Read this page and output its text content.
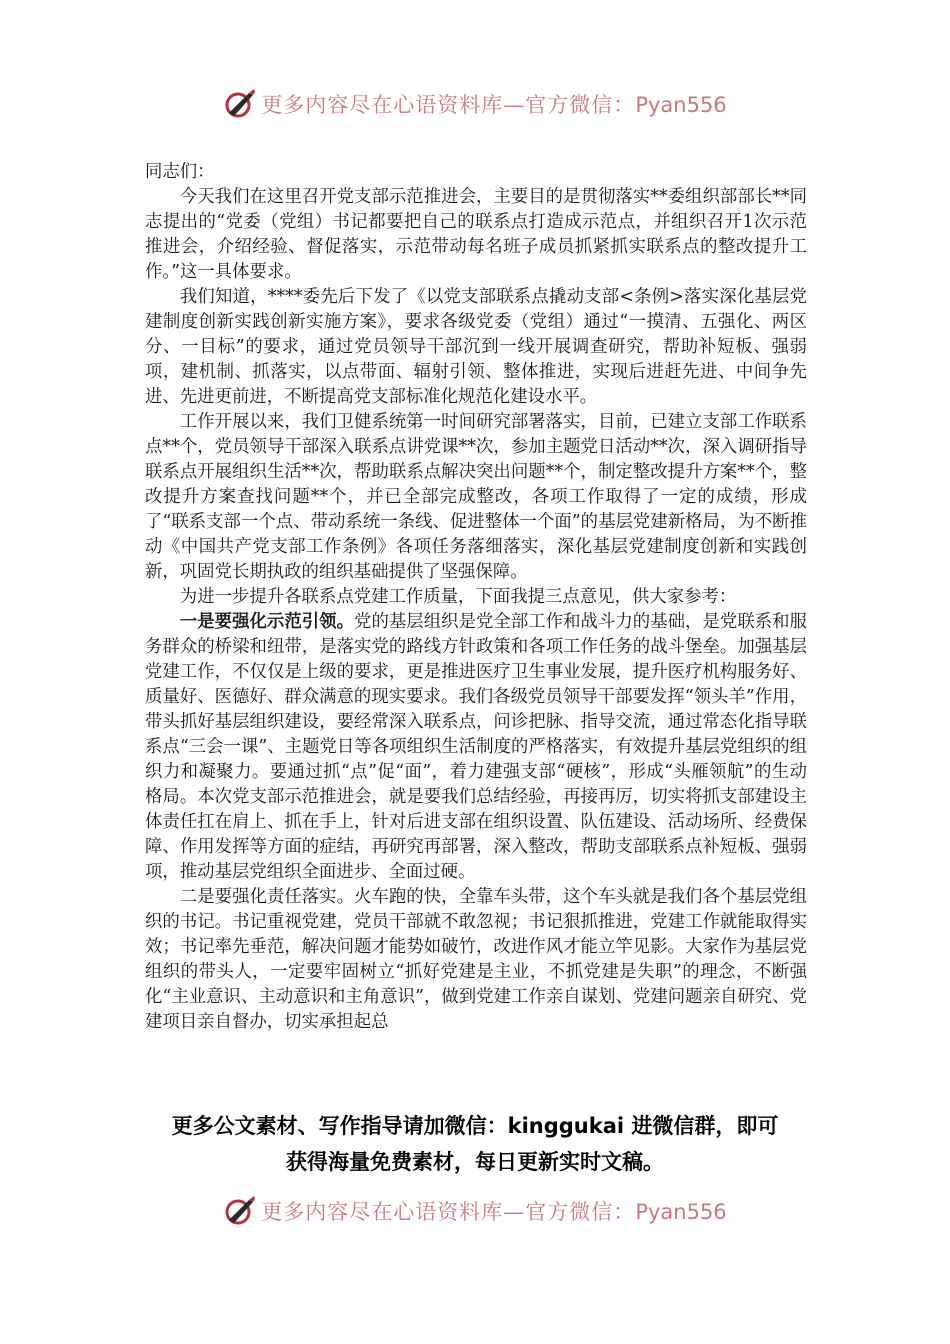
更多内容尽在心语资料库—官方微信：Pyan556

同志们：

今天我们在这里召开党支部示范推进会，主要目的是贯彻落实**委组织部部长**同志提出的“党委（党组）书记都要把自己的联系点打造成示范点，并组织召开1次示范推进会，介绍经验、督促落实，示范带动每名班子成员抓紧抓实联系点的整改提升工作。”这一具体要求。

我们知道，****委先后下发了《以党支部联系点撬动支部<条例>落实深化基层党建制度创新实践创新实施方案》，要求各级党委（党组）通过“一摸清、五强化、两区分、一目标”的要求，通过党员领导干部沉到一线开展调查研究，帮助补短板、强弱项，建机制、抓落实，以点带面、辐射引领、整体推进，实现后进赶先进、中间争先进、先进更前进，不断提高党支部标准化规范化建设水平。

工作开展以来，我们卫健系统第一时间研究部署落实，目前，已建立支部工作联系点**个，党员领导干部深入联系点讲党课**次，参加主题党日活动**次，深入调研指导联系点开展组织生活**次，帮助联系点解决突出问题**个，制定整改提升方案**个，整改提升方案查找问题**个，并已全部完成整改，各项工作取得了一定的成绩，形成了“联系支部一个点、带动系统一条线、促进整体一个面”的基层党建新格局，为不断推动《中国共产党支部工作条例》各项任务落细落实，深化基层党建制度创新和实践创新，巩固党长期执政的组织基础提供了坚强保障。

为进一步提升各联系点党建工作质量，下面我提三点意见，供大家参考：

一是要强化示范引领。党的基层组织是党全部工作和战斗力的基础，是党联系和服务群众的桥梁和纽带，是落实党的路线方针政策和各项工作任务的战斗堡垒。加强基层党建工作，不仅仅是上级的要求，更是推进医疗卫生事业发展，提升医疗机构服务好、质量好、医德好、群众满意的现实要求。我们各级党员领导干部要发挥“领头羊”作用，带头抓好基层组织建设，要经常深入联系点，问诊把脉、指导交流，通过常态化指导联系点“三会一课”、主题党日等各项组织生活制度的严格落实，有效提升基层党组织的组织力和凝聚力。要通过抓“点”促“面”，着力建强支部“硬核”，形成“头雁领航”的生动格局。本次党支部示范推进会，就是要我们总结经验，再接再厉，切实将抓支部建设主体责任扛在肩上、抓在手上，针对后进支部在组织设置、队伍建设、活动场所、经费保障、作用发挥等方面的症结，再研究再部署，深入整改，帮助支部联系点补短板、强弱项，推动基层党组织全面进步、全面过硬。

二是要强化责任落实。火车跑的快，全靠车头带，这个车头就是我们各个基层党组织的书记。书记重视党建，党员干部就不敢忽视；书记狠抓推进，党建工作就能取得实效；书记率先垂范，解决问题才能势如破竹，改进作风才能立竿见影。大家作为基层党组织的带头人，一定要牢固树立“抓好党建是主业，不抓党建是失职”的理念，不断强化“主业意识、主动意识和主角意识”，做到党建工作亲自谋划、党建问题亲自研究、党建项目亲自督办，切实承担起总

更多公文素材、写作指导请加微信：kinggukai 进微信群，即可
获得海量免费素材，每日更新实时文稿。
更多内容尽在心语资料库—官方微信：Pyan556
